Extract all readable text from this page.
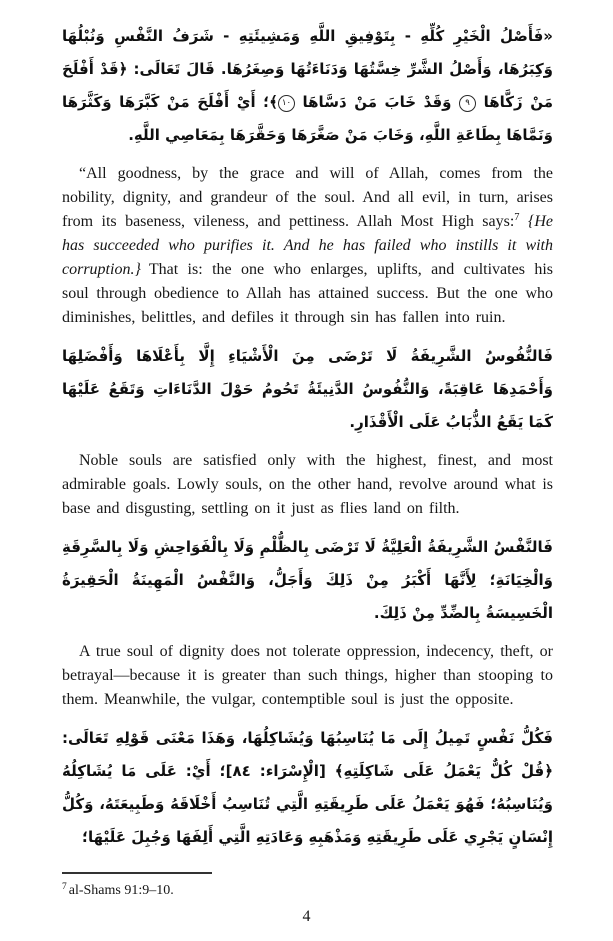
«فَأَصْلُ الْخَيْرِ كُلِّهِ - بِتَوْفِيقِ اللَّهِ وَمَشِيئَتِهِ - شَرَفُ النَّفْسِ وَنُبْلُهَا وَكِبَرُهَا، وَأَصْلُ الشَّرِّ خِسَّتُهَا وَدَنَاءَتُهَا وَصِغَرُهَا. قَالَ تَعَالَى: ﴿قَدْ أَفْلَحَ مَنْ زَكَّاهَا ٩ وَقَدْ خَابَ مَنْ دَسَّاهَا ١٠﴾؛ أَيْ أَفْلَحَ مَنْ كَبَّرَهَا وَكَثَّرَهَا وَنَمَّاهَا بِطَاعَةِ اللَّهِ، وَخَابَ مَنْ صَغَّرَهَا وَحَقَّرَهَا بِمَعَاصِي اللَّهِ.

“All goodness, by the grace and will of Allah, comes from the nobility, dignity, and grandeur of the soul. And all evil, in turn, arises from its baseness, vileness, and pettiness. Allah Most High says:$^7$ {He has succeeded who purifies it. And he has failed who instills it with corruption.} That is: the one who enlarges, uplifts, and cultivates his soul through obedience to Allah has attained success. But the one who diminishes, belittles, and defiles it through sin has fallen into ruin.

فَالنُّفُوسُ الشَّرِيفَةُ لَا تَرْضَى مِنَ الْأَشْيَاءِ إِلَّا بِأَعْلَاهَا وَأَفْضَلِهَا وَأَحْمَدِهَا عَاقِبَةً، وَالنُّفُوسُ الدَّنِيئَةُ تَحُومُ حَوْلَ الدَّنَاءَاتِ وَتَقَعُ عَلَيْهَا كَمَا يَقَعُ الذُّبَابُ عَلَى الْأَقْذَارِ.

Noble souls are satisfied only with the highest, finest, and most admirable goals. Lowly souls, on the other hand, revolve around what is base and disgusting, settling on it just as flies land on filth.

فَالنَّفْسُ الشَّرِيفَةُ الْعَلِيَّةُ لَا تَرْضَى بِالظُّلْمِ وَلَا بِالْفَوَاحِشِ وَلَا بِالسَّرِقَةِ وَالْخِيَانَةِ؛ لِأَنَّهَا أَكْبَرُ مِنْ ذَلِكَ وَأَجَلُّ، وَالنَّفْسُ الْمَهِينَةُ الْحَقِيرَةُ الْخَسِيسَةُ بِالضِّدِّ مِنْ ذَلِكَ.

A true soul of dignity does not tolerate oppression, indecency, theft, or betrayal—because it is greater than such things, higher than stooping to them. Meanwhile, the vulgar, contemptible soul is just the opposite.

فَكُلُّ نَفْسٍ تَمِيلُ إِلَى مَا يُنَاسِبُهَا وَيُشَاكِلُهَا، وَهَذَا مَعْنَى قَوْلِهِ تَعَالَى: ﴿قُلْ كُلٌّ يَعْمَلُ عَلَى شَاكِلَتِهِ﴾ [الْإِسْرَاء: ٨٤]؛ أَيْ: عَلَى مَا يُشَاكِلُهُ وَيُنَاسِبُهُ؛ فَهُوَ يَعْمَلُ عَلَى طَرِيقَتِهِ الَّتِي تُنَاسِبُ أَخْلَاقَهُ وَطَبِيعَتَهُ، وَكُلُّ إِنْسَانٍ يَجْرِي عَلَى طَرِيقَتِهِ وَمَذْهَبِهِ وَعَادَتِهِ الَّتِي أَلِفَهَا وَجُبِلَ عَلَيْهَا؛

$^7$ al-Shams 91:9–10.
4
